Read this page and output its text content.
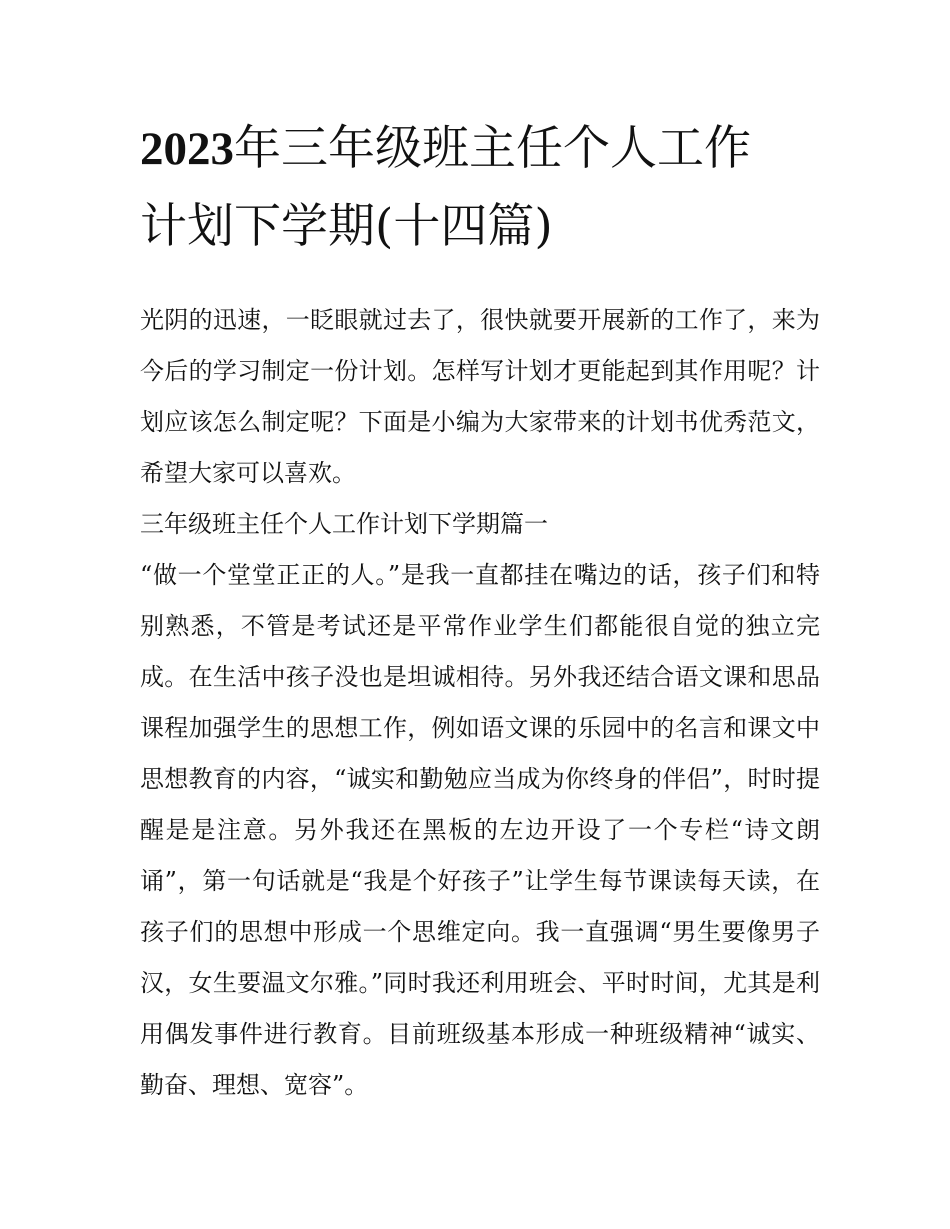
2023年三年级班主任个人工作
计划下学期(十四篇)

光阴的迅速，一眨眼就过去了，很快就要开展新的工作了，来为今后的学习制定一份计划。怎样写计划才更能起到其作用呢？计划应该怎么制定呢？下面是小编为大家带来的计划书优秀范文，希望大家可以喜欢。

三年级班主任个人工作计划下学期篇一

“做一个堂堂正正的人。”是我一直都挂在嘴边的话，孩子们和特别熟悉，不管是考试还是平常作业学生们都能很自觉的独立完成。在生活中孩子没也是坦诚相待。另外我还结合语文课和思品课程加强学生的思想工作，例如语文课的乐园中的名言和课文中思想教育的内容，“诚实和勤勉应当成为你终身的伴侣”，时时提醒是是注意。另外我还在黑板的左边开设了一个专栏“诗文朗诵”，第一句话就是“我是个好孩子”让学生每节课读每天读，在孩子们的思想中形成一个思维定向。我一直强调“男生要像男子汉，女生要温文尔雅。”同时我还利用班会、平时时间，尤其是利用偶发事件进行教育。目前班级基本形成一种班级精神“诚实、勤奋、理想、宽容”。
